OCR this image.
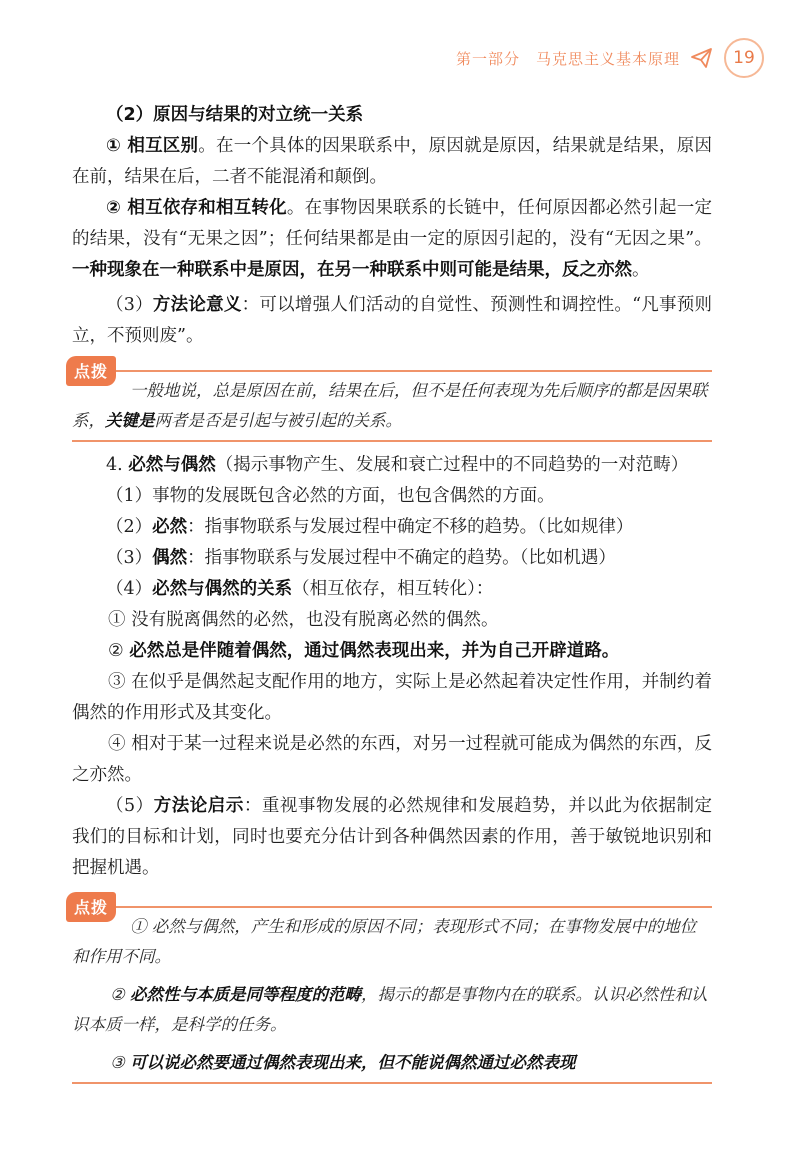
第一部分 马克思主义基本原理	19

（2）原因与结果的对立统一关系

① 相互区别。在一个具体的因果联系中，原因就是原因，结果就是结果，原因在前，结果在后，二者不能混淆和颠倒。

② 相互依存和相互转化。在事物因果联系的长链中，任何原因都必然引起一定的结果，没有“无果之因”；任何结果都是由一定的原因引起的，没有“无因之果”。一种现象在一种联系中是原因，在另一种联系中则可能是结果，反之亦然。

（3）方法论意义：可以增强人们活动的自觉性、预测性和调控性。“凡事预则立，不预则废”。

点拨

一般地说，总是原因在前，结果在后，但不是任何表现为先后顺序的都是因果联系，关键是两者是否是引起与被引起的关系。

4. 必然与偶然（揭示事物产生、发展和衰亡过程中的不同趋势的一对范畴）

（1）事物的发展既包含必然的方面，也包含偶然的方面。

（2）必然：指事物联系与发展过程中确定不移的趋势。（比如规律）

（3）偶然：指事物联系与发展过程中不确定的趋势。（比如机遇）

（4）必然与偶然的关系（相互依存，相互转化）：

① 没有脱离偶然的必然，也没有脱离必然的偶然。

② 必然总是伴随着偶然，通过偶然表现出来，并为自己开辟道路。

③ 在似乎是偶然起支配作用的地方，实际上是必然起着决定性作用，并制约着偶然的作用形式及其变化。

④ 相对于某一过程来说是必然的东西，对另一过程就可能成为偶然的东西，反之亦然。

（5）方法论启示：重视事物发展的必然规律和发展趋势，并以此为依据制定我们的目标和计划，同时也要充分估计到各种偶然因素的作用，善于敏锐地识别和把握机遇。

点拨

① 必然与偶然，产生和形成的原因不同；表现形式不同；在事物发展中的地位和作用不同。

② 必然性与本质是同等程度的范畴，揭示的都是事物内在的联系。认识必然性和认识本质一样，是科学的任务。

③ 可以说必然要通过偶然表现出来，但不能说偶然通过必然表现
